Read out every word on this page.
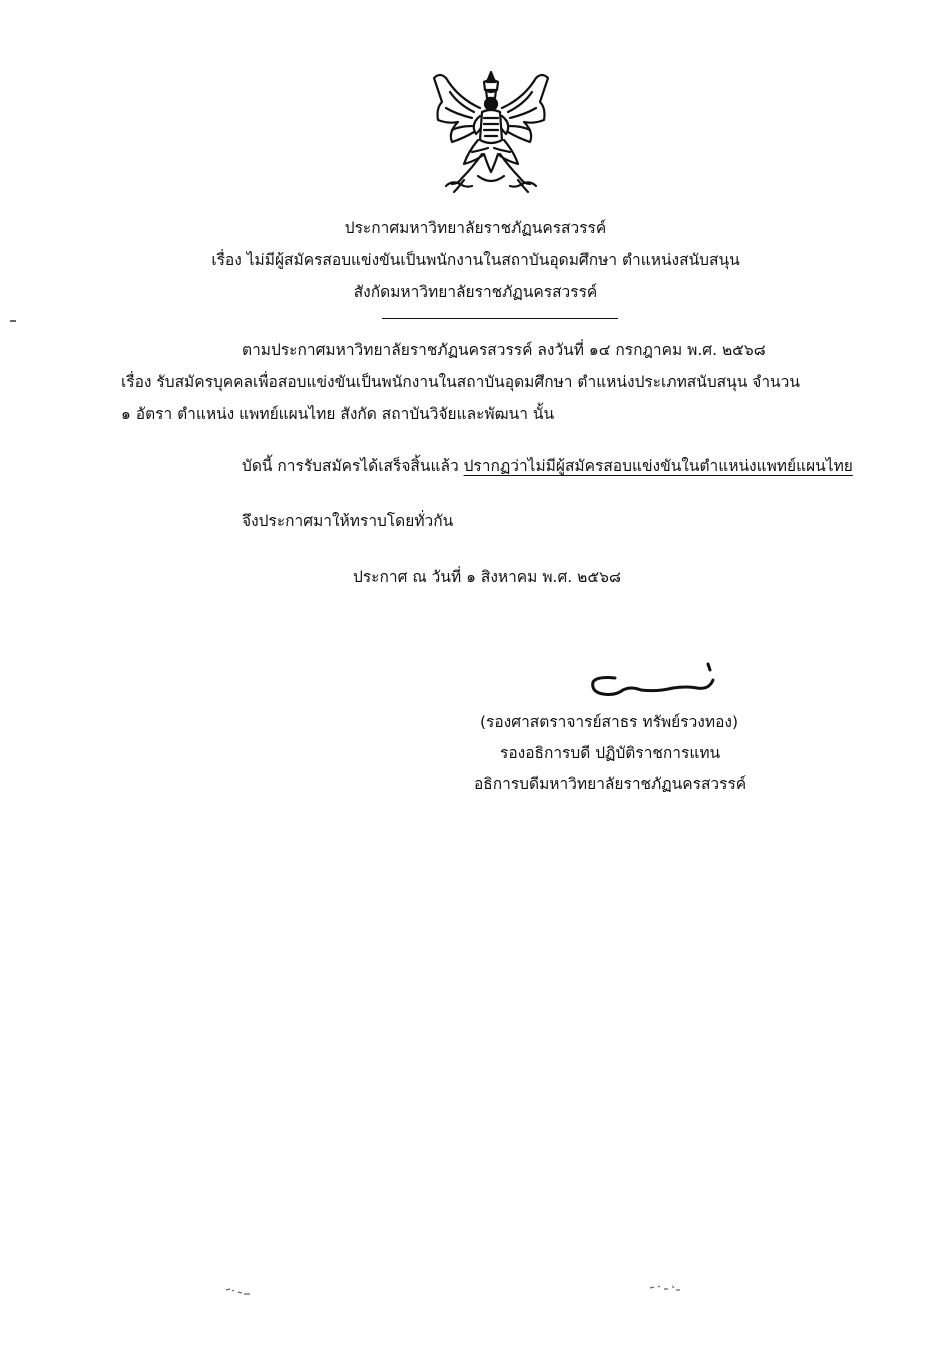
ประกาศมหาวิทยาลัยราชภัฏนครสวรรค์
เรื่อง ไม่มีผู้สมัครสอบแข่งขันเป็นพนักงานในสถาบันอุดมศึกษา ตำแหน่งสนับสนุน
สังกัดมหาวิทยาลัยราชภัฏนครสวรรค์
ตามประกาศมหาวิทยาลัยราชภัฏนครสวรรค์ ลงวันที่ ๑๔ กรกฎาคม พ.ศ. ๒๕๖๘
เรื่อง รับสมัครบุคคลเพื่อสอบแข่งขันเป็นพนักงานในสถาบันอุดมศึกษา ตำแหน่งประเภทสนับสนุน จำนวน
๑ อัตรา ตำแหน่ง แพทย์แผนไทย สังกัด สถาบันวิจัยและพัฒนา นั้น
บัดนี้ การรับสมัครได้เสร็จสิ้นแล้ว ปรากฏว่าไม่มีผู้สมัครสอบแข่งขันในตำแหน่งแพทย์แผนไทย
จึงประกาศมาให้ทราบโดยทั่วกัน
ประกาศ ณ วันที่ ๑ สิงหาคม พ.ศ. ๒๕๖๘
(รองศาสตราจารย์สาธร ทรัพย์รวงทอง)
รองอธิการบดี ปฏิบัติราชการแทน
อธิการบดีมหาวิทยาลัยราชภัฏนครสวรรค์
